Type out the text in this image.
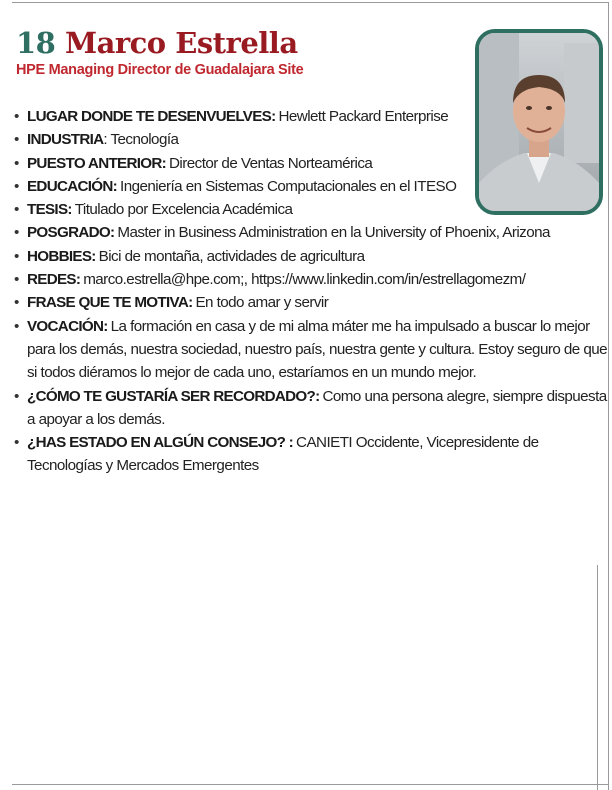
18 Marco Estrella
HPE Managing Director de Guadalajara Site
• LUGAR DONDE TE DESENVUELVES: Hewlett Packard Enterprise
• INDUSTRIA: Tecnología
• PUESTO ANTERIOR: Director de Ventas Norteamérica
• EDUCACIÓN: Ingeniería en Sistemas Computacionales en el ITESO
• TESIS: Titulado por Excelencia Académica
• POSGRADO: Master in Business Administration en la University of Phoenix, Arizona
• HOBBIES: Bici de montaña, actividades de agricultura
• REDES: marco.estrella@hpe.com;, https://www.linkedin.com/in/estrellagomezm/
• FRASE QUE TE MOTIVA: En todo amar y servir
• VOCACIÓN: La formación en casa y de mi alma máter me ha impulsado a buscar lo mejor para los demás, nuestra sociedad, nuestro país, nuestra gente y cultura. Estoy seguro de que si todos diéramos lo mejor de cada uno, estaríamos en un mundo mejor.
• ¿CÓMO TE GUSTARÍA SER RECORDADO?: Como una persona alegre, siempre dispuesta a apoyar a los demás.
• ¿HAS ESTADO EN ALGÚN CONSEJO? : CANIETI Occidente, Vicepresidente de Tecnologías y Mercados Emergentes
